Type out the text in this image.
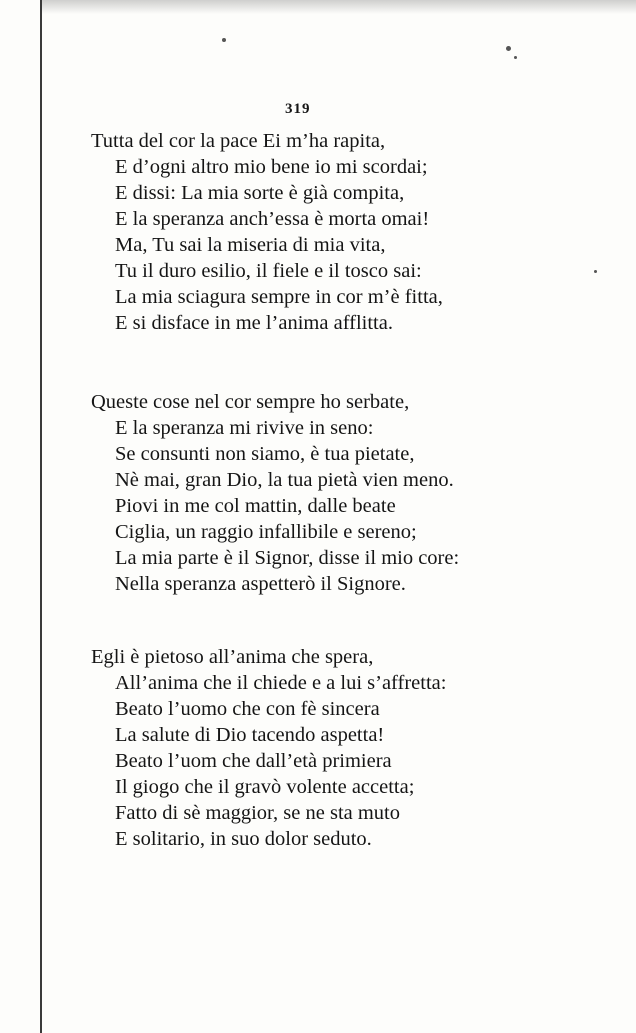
319
Tutta del cor la pace Ei m’ha rapita,
E d’ogni altro mio bene io mi scordai;
E dissi: La mia sorte è già compita,
E la speranza anch’essa è morta omai!
Ma, Tu sai la miseria di mia vita,
Tu il duro esilio, il fiele e il tosco sai:
La mia sciagura sempre in cor m’è fitta,
E si disface in me l’anima afflitta.
Queste cose nel cor sempre ho serbate,
E la speranza mi rivive in seno:
Se consunti non siamo, è tua pietate,
Nè mai, gran Dio, la tua pietà vien meno.
Piovi in me col mattin, dalle beate
Ciglia, un raggio infallibile e sereno;
La mia parte è il Signor, disse il mio core:
Nella speranza aspetterò il Signore.
Egli è pietoso all’anima che spera,
All’anima che il chiede e a lui s’affretta:
Beato l’uomo che con fè sincera
La salute di Dio tacendo aspetta!
Beato l’uom che dall’età primiera
Il giogo che il gravò volente accetta;
Fatto di sè maggior, se ne sta muto
E solitario, in suo dolor seduto.
